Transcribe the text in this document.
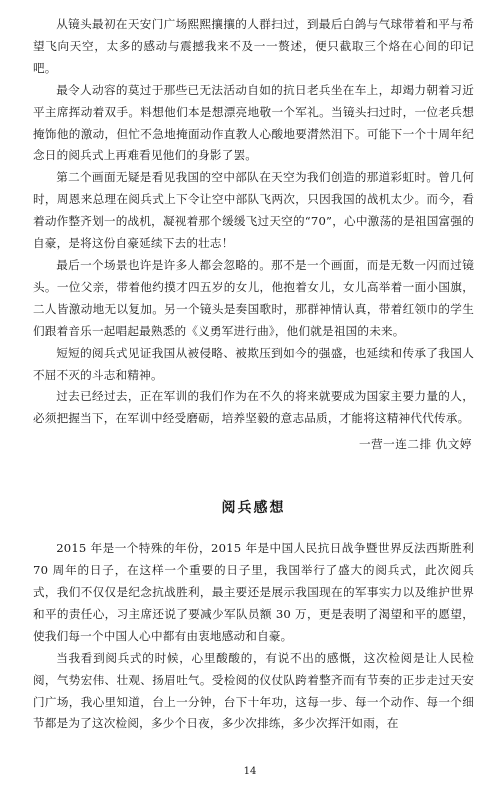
从镜头最初在天安门广场熙熙攘攘的人群扫过，到最后白鸽与气球带着和平与希望飞向天空，太多的感动与震撼我来不及一一赘述，便只截取三个烙在心间的印记吧。

最令人动容的莫过于那些已无法活动自如的抗日老兵坐在车上，却竭力朝着习近平主席挥动着双手。料想他们本是想漂亮地敬一个军礼。当镜头扫过时，一位老兵想掩饰他的激动，但忙不急地掩面动作直教人心酸地要潸然泪下。可能下一个十周年纪念日的阅兵式上再难看见他们的身影了罢。

第二个画面无疑是看见我国的空中部队在天空为我们创造的那道彩虹时。曾几何时，周恩来总理在阅兵式上下令让空中部队飞两次，只因我国的战机太少。而今，看着动作整齐划一的战机，凝视着那个缓缓飞过天空的“70”，心中激荡的是祖国富强的自豪，是将这份自豪延续下去的壮志！

最后一个场景也许是许多人都会忽略的。那不是一个画面，而是无数一闪而过镜头。一位父亲，带着他约摸才四五岁的女儿，他抱着女儿，女儿高举着一面小国旗，二人皆激动地无以复加。另一个镜头是奏国歌时，那群神情认真，带着红领巾的学生们跟着音乐一起唱起最熟悉的《义勇军进行曲》，他们就是祖国的未来。

短短的阅兵式见证我国从被侵略、被欺压到如今的强盛，也延续和传承了我国人不屈不灭的斗志和精神。

过去已经过去，正在军训的我们作为在不久的将来就要成为国家主要力量的人，必须把握当下，在军训中经受磨砺，培养坚毅的意志品质，才能将这精神代代传承。

一营一连二排 仇文婷

阅兵感想

2015 年是一个特殊的年份，2015 年是中国人民抗日战争暨世界反法西斯胜利 70 周年的日子，在这样一个重要的日子里，我国举行了盛大的阅兵式，此次阅兵式，我们不仅仅是纪念抗战胜利，最主要还是展示我国现在的军事实力以及维护世界和平的责任心，习主席还说了要减少军队员额 30 万，更是表明了渴望和平的愿望，使我们每一个中国人心中都有由衷地感动和自豪。

当我看到阅兵式的时候，心里酸酸的，有说不出的感慨，这次检阅是让人民检阅，气势宏伟、壮观、扬眉吐气。受检阅的仪仗队跨着整齐而有节奏的正步走过天安门广场，我心里知道，台上一分钟，台下十年功，这每一步、每一个动作、每一个细节都是为了这次检阅，多少个日夜，多少次排练，多少次挥汗如雨，在

14
